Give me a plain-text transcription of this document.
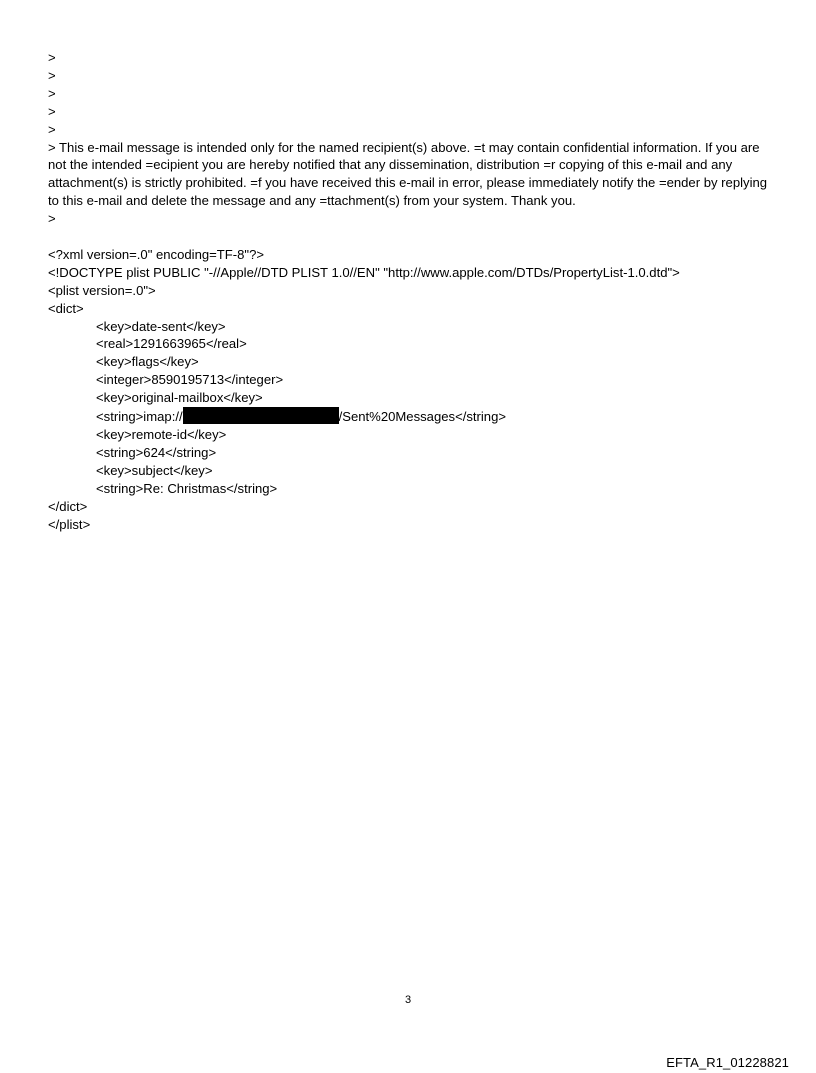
>
>
>
>
>
> This e-mail message is intended only for the named recipient(s) above. =t may contain confidential information. If you are not the intended =ecipient you are hereby notified that any dissemination, distribution =r copying of this e-mail and any attachment(s) is strictly prohibited. =f you have received this e-mail in error, please immediately notify the =ender by replying to this e-mail and delete the message and any =ttachment(s) from your system. Thank you.
>
<?xml version=.0" encoding=TF-8"?>
<!DOCTYPE plist PUBLIC "-//Apple//DTD PLIST 1.0//EN" "http://www.apple.com/DTDs/PropertyList-1.0.dtd">
<plist version=.0">
<dict>
<key>date-sent</key>
<real>1291663965</real>
<key>flags</key>
<integer>8590195713</integer>
<key>original-mailbox</key>
<string>imap://	/Sent%20Messages</string>
<key>remote-id</key>
<string>624</string>
<key>subject</key>
<string>Re: Christmas</string>
</dict>
</plist>
3
EFTA_R1_01228821
